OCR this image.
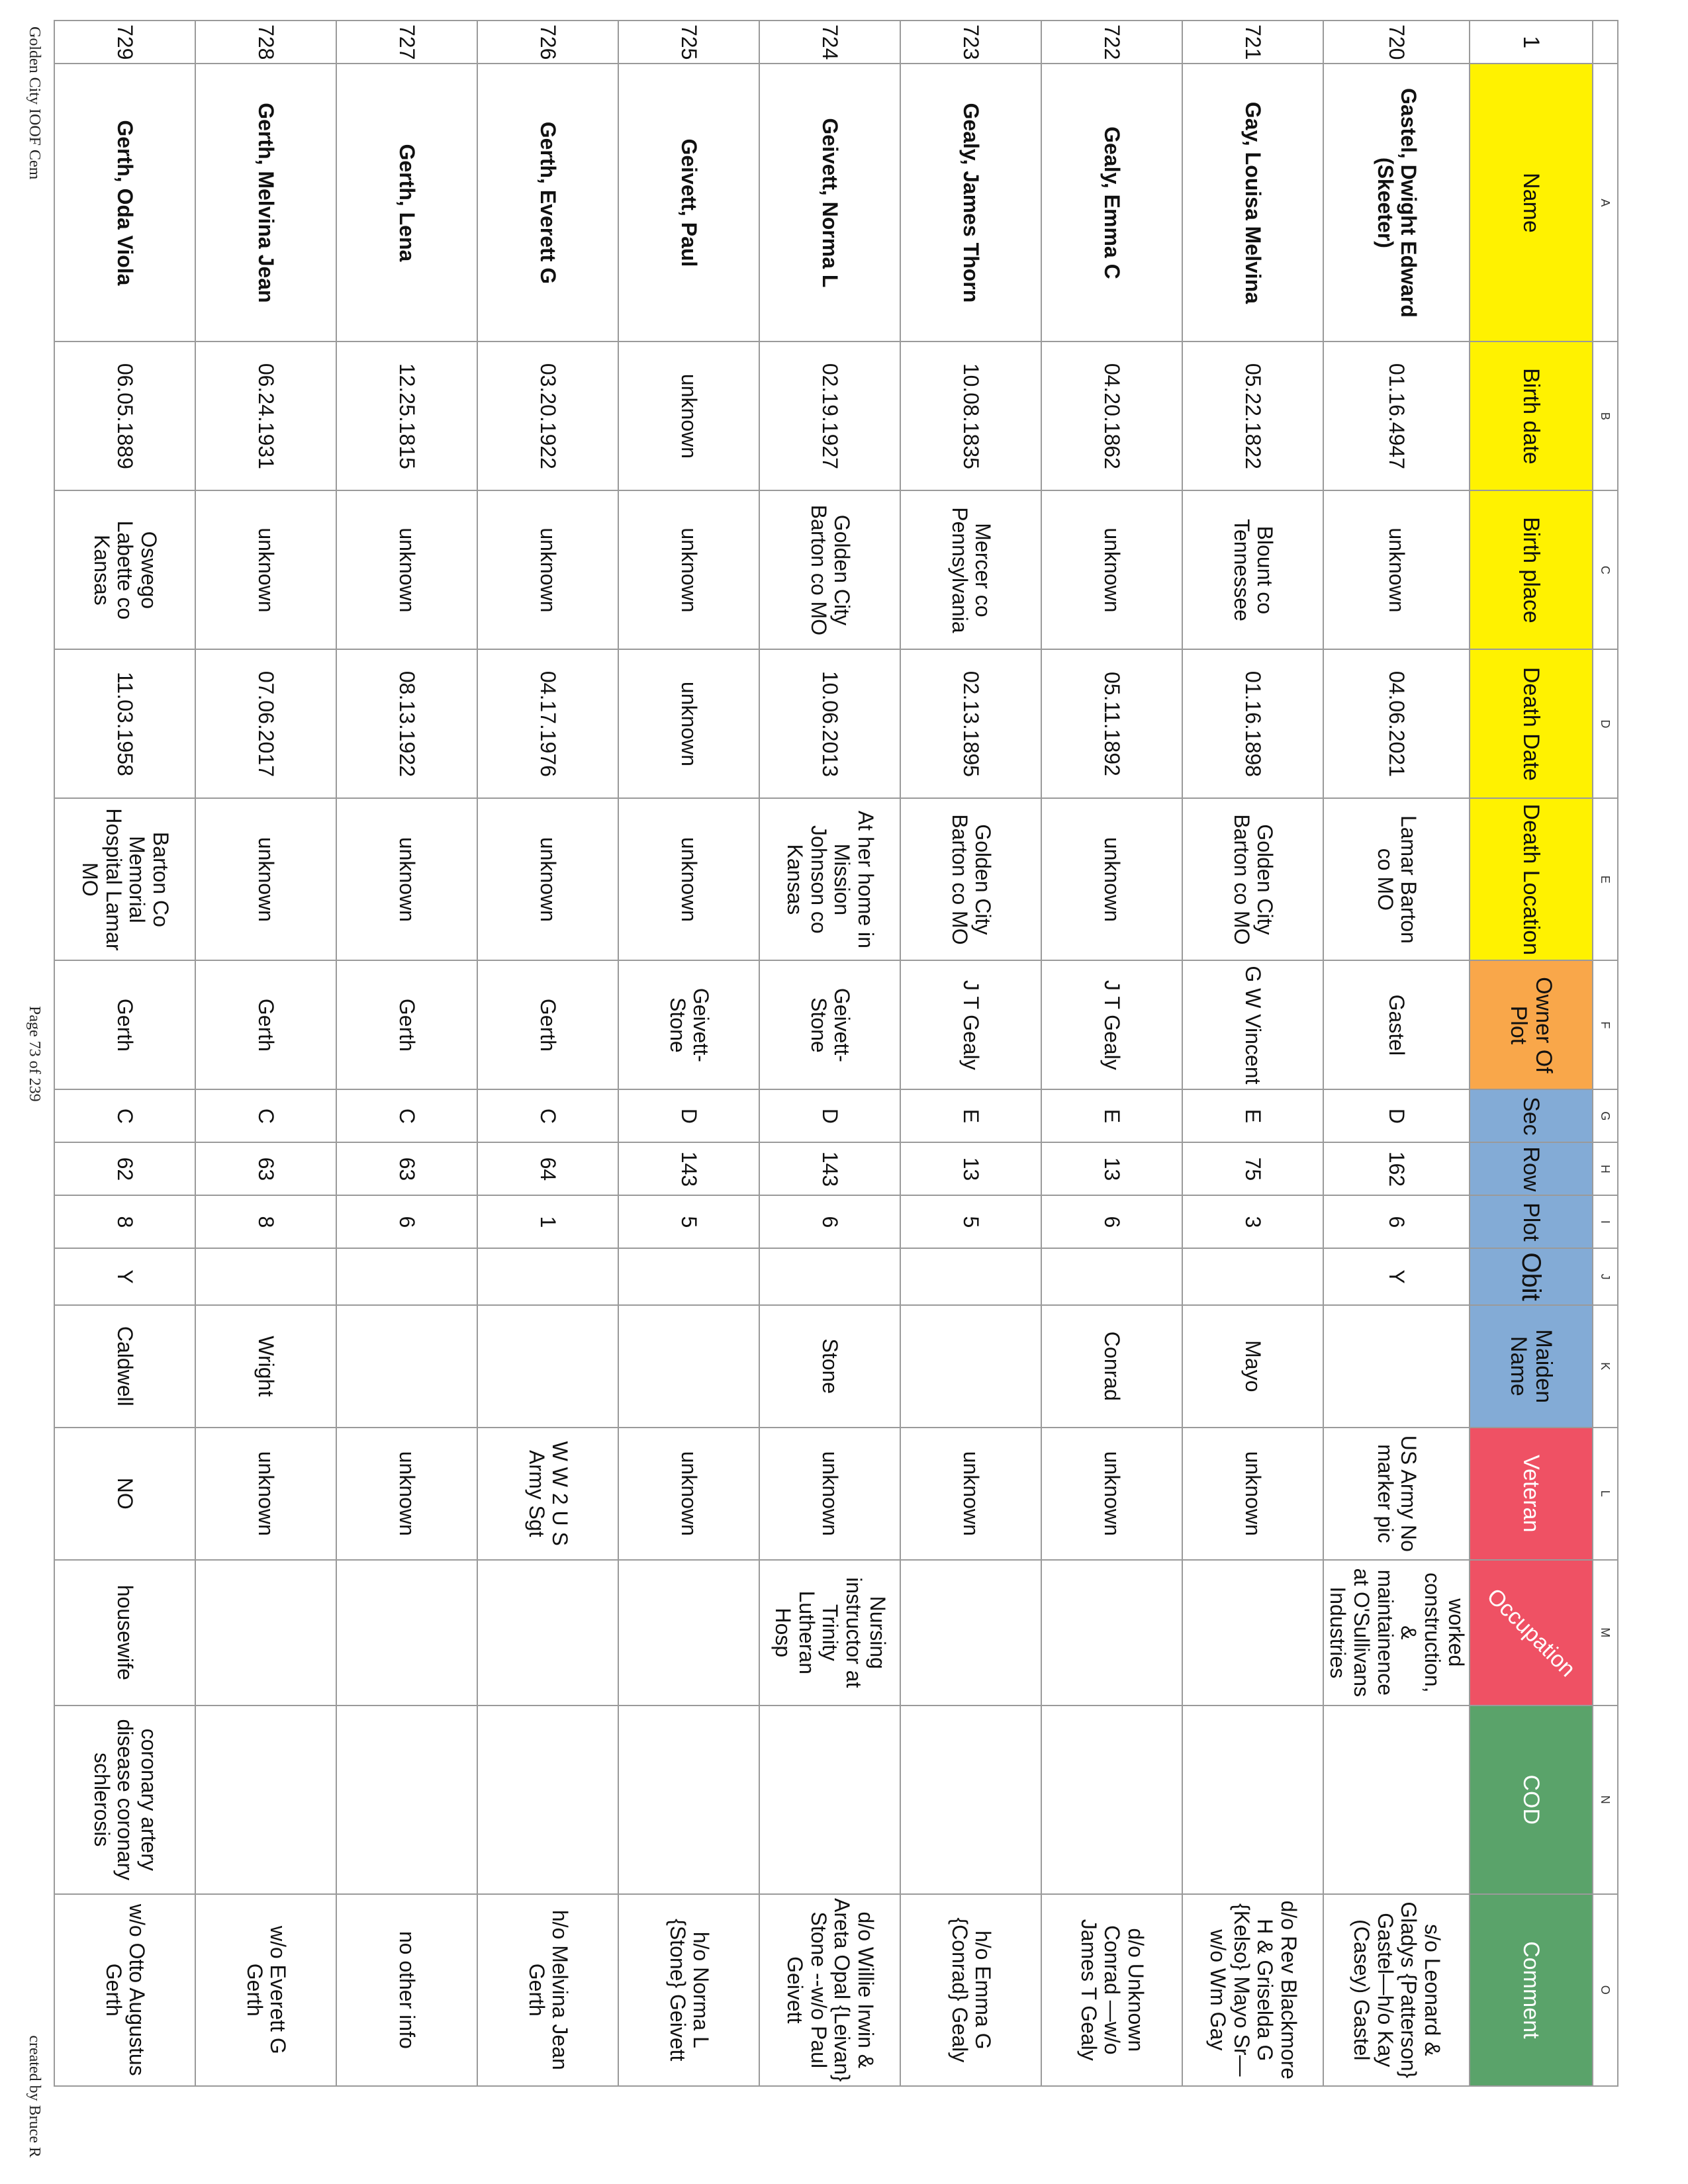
	A	B	C	D	E	F	G	H	I	J	K	L	M	N	O
1	Name	Birth date	Birth place	Death Date	Death Location	Owner Of Plot	Sec	Row	Plot	Obit	Maiden Name	Veteran	Occupation	COD	Comment
720	Gastel, Dwight Edward (Skeeter)	01.16.4947	unknown	04.06.2021	Lamar Barton co MO	Gastel	D	162	6	Y		US Army No marker pic	worked construction, & maintainence at O'Sullivans Industries		s/o Leonard & Gladys {Patterson} Gastel—h/o Kay (Casey) Gastel
721	Gay, Louisa Melvina	05.22.1822	Blount co Tennessee	01.16.1898	Golden City Barton co MO	G W Vincent	E	75	3		Mayo	unknown			d/o Rev Blackmore H & Griselda G {Kelso} Mayo Sr—w/o Wm Gay
722	Gealy, Emma C	04.20.1862	unknown	05.11.1892	unknown	J T Gealy	E	13	6		Conrad	unknown			d/o Unknown Conrad —w/o James T Gealy
723	Gealy, James Thorn	10.08.1835	Mercer co Pennsylvania	02.13.1895	Golden City Barton co MO	J T Gealy	E	13	5			unknown			h/o Emma G {Conrad} Gealy
724	Geivett, Norma L	02.19.1927	Golden City Barton co MO	10.06.2013	At her home in Mission Johnson co Kansas	Geivett-Stone	D	143	6		Stone	unknown	Nursing instructor at Trinity Lutheran Hosp		d/o Willie Irwin & Areta Opal {Leivan} Stone --w/o Paul Geivett
725	Geivett, Paul	unknown	unknown	unknown	unknown	Geivett-Stone	D	143	5			unknown			h/o Norma L {Stone} Geivett
726	Gerth, Everett G	03.20.1922	unknown	04.17.1976	unknown	Gerth	C	64	1			W W 2 U S Army Sgt			h/o Melvina Jean Gerth
727	Gerth, Lena	12.25.1815	unknown	08.13.1922	unknown	Gerth	C	63	6			unknown			no other info
728	Gerth, Melvina Jean	06.24.1931	unknown	07.06.2017	unknown	Gerth	C	63	8		Wright	unknown			w/o Everett G Gerth
729	Gerth, Oda Viola	06.05.1889	Oswego Labette co Kansas	11.03.1958	Barton Co Memorial Hospital Lamar MO	Gerth	C	62	8	Y	Caldwell	NO	housewife	coronary artery disease coronary schlerosis	w/o Otto Augustus Gerth
Golden City IOOF Cem
Page 73 of 239
created by Bruce R
